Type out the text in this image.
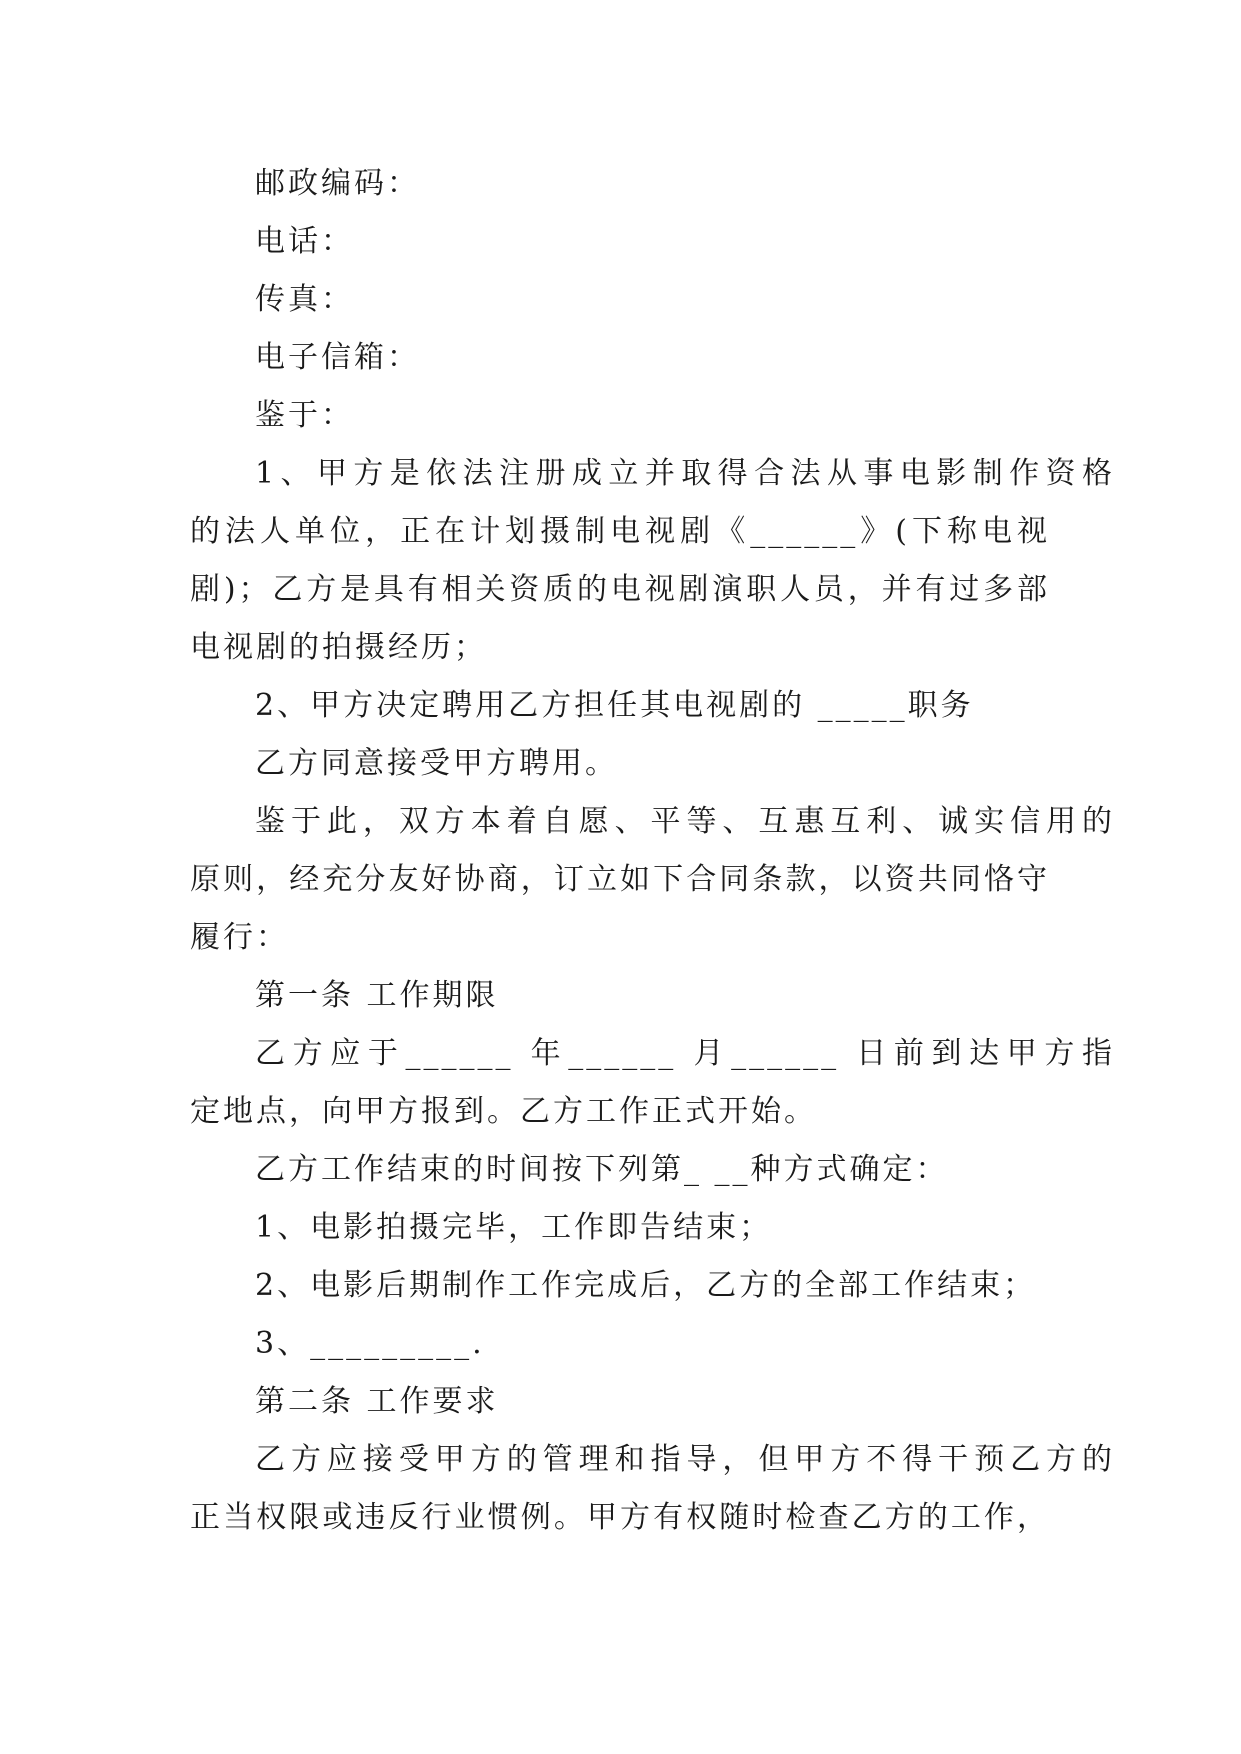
邮政编码：
电话：
传真：
电子信箱：
鉴于：
1、甲方是依法注册成立并取得合法从事电影制作资格
的法人单位，正在计划摄制电视剧《______》(下称电视
剧)；乙方是具有相关资质的电视剧演职人员，并有过多部
电视剧的拍摄经历；
2、甲方决定聘用乙方担任其电视剧的 _____职务
乙方同意接受甲方聘用。
鉴于此，双方本着自愿、平等、互惠互利、诚实信用的
原则，经充分友好协商，订立如下合同条款，以资共同恪守
履行：
第一条 工作期限
乙方应于______ 年______ 月______ 日前到达甲方指
定地点，向甲方报到。乙方工作正式开始。
乙方工作结束的时间按下列第_ __种方式确定：
1、电影拍摄完毕，工作即告结束；
2、电影后期制作工作完成后，乙方的全部工作结束；
3、_________.
第二条 工作要求
乙方应接受甲方的管理和指导，但甲方不得干预乙方的
正当权限或违反行业惯例。甲方有权随时检查乙方的工作，
